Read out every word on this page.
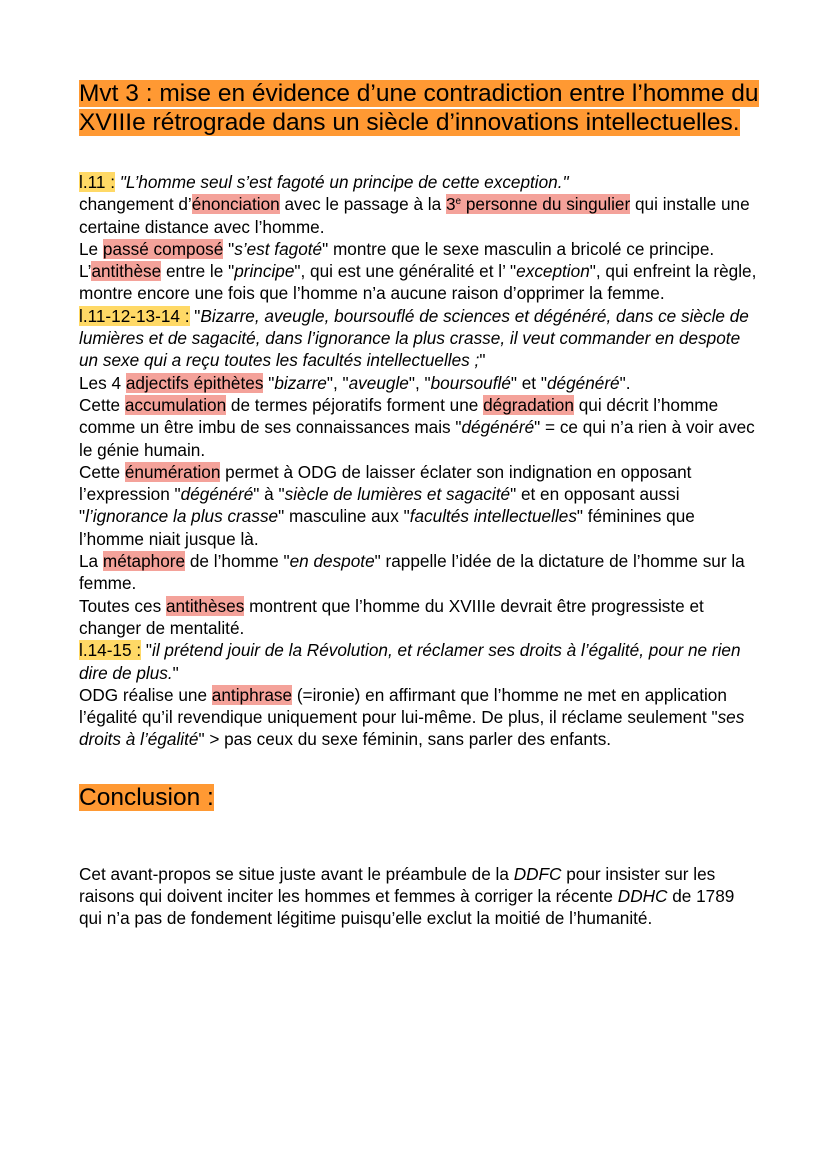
Mvt 3 : mise en évidence d’une contradiction entre l’homme du XVIIIe rétrograde dans un siècle d’innovations intellectuelles.

l.11 : "L’homme seul s’est fagoté un principe de cette exception."
changement d’énonciation avec le passage à la 3e personne du singulier qui installe une certaine distance avec l’homme.

Le passé composé "s’est fagoté" montre que le sexe masculin a bricolé ce principe.

L’antithèse entre le "principe", qui est une généralité et l’ "exception", qui enfreint la règle, montre encore une fois que l’homme n’a aucune raison d’opprimer la femme.

l.11-12-13-14 : "Bizarre, aveugle, boursouflé de sciences et dégénéré, dans ce siècle de lumières et de sagacité, dans l’ignorance la plus crasse, il veut commander en despote un sexe qui a reçu toutes les facultés intellectuelles ;"

Les 4 adjectifs épithètes "bizarre", "aveugle", "boursouflé" et "dégénéré".

Cette accumulation de termes péjoratifs forment une dégradation qui décrit l’homme comme un être imbu de ses connaissances mais "dégénéré" = ce qui n’a rien à voir avec le génie humain.

Cette énumération permet à ODG de laisser éclater son indignation en opposant l’expression "dégénéré" à "siècle de lumières et sagacité" et en opposant aussi "l’ignorance la plus crasse" masculine aux "facultés intellectuelles" féminines que l’homme niait jusque là.

La métaphore de l’homme "en despote" rappelle l’idée de la dictature de l’homme sur la femme.

Toutes ces antithèses montrent que l’homme du XVIIIe devrait être progressiste et changer de mentalité.

l.14-15 : "il prétend jouir de la Révolution, et réclamer ses droits à l’égalité, pour ne rien dire de plus."

ODG réalise une antiphrase (=ironie) en affirmant que l’homme ne met en application l’égalité qu’il revendique uniquement pour lui-même. De plus, il réclame seulement "ses droits à l’égalité" > pas ceux du sexe féminin, sans parler des enfants.

Conclusion :

Cet avant-propos se situe juste avant le préambule de la DDFC pour insister sur les raisons qui doivent inciter les hommes et femmes à corriger la récente DDHC de 1789 qui n’a pas de fondement légitime puisqu’elle exclut la moitié de l’humanité.
